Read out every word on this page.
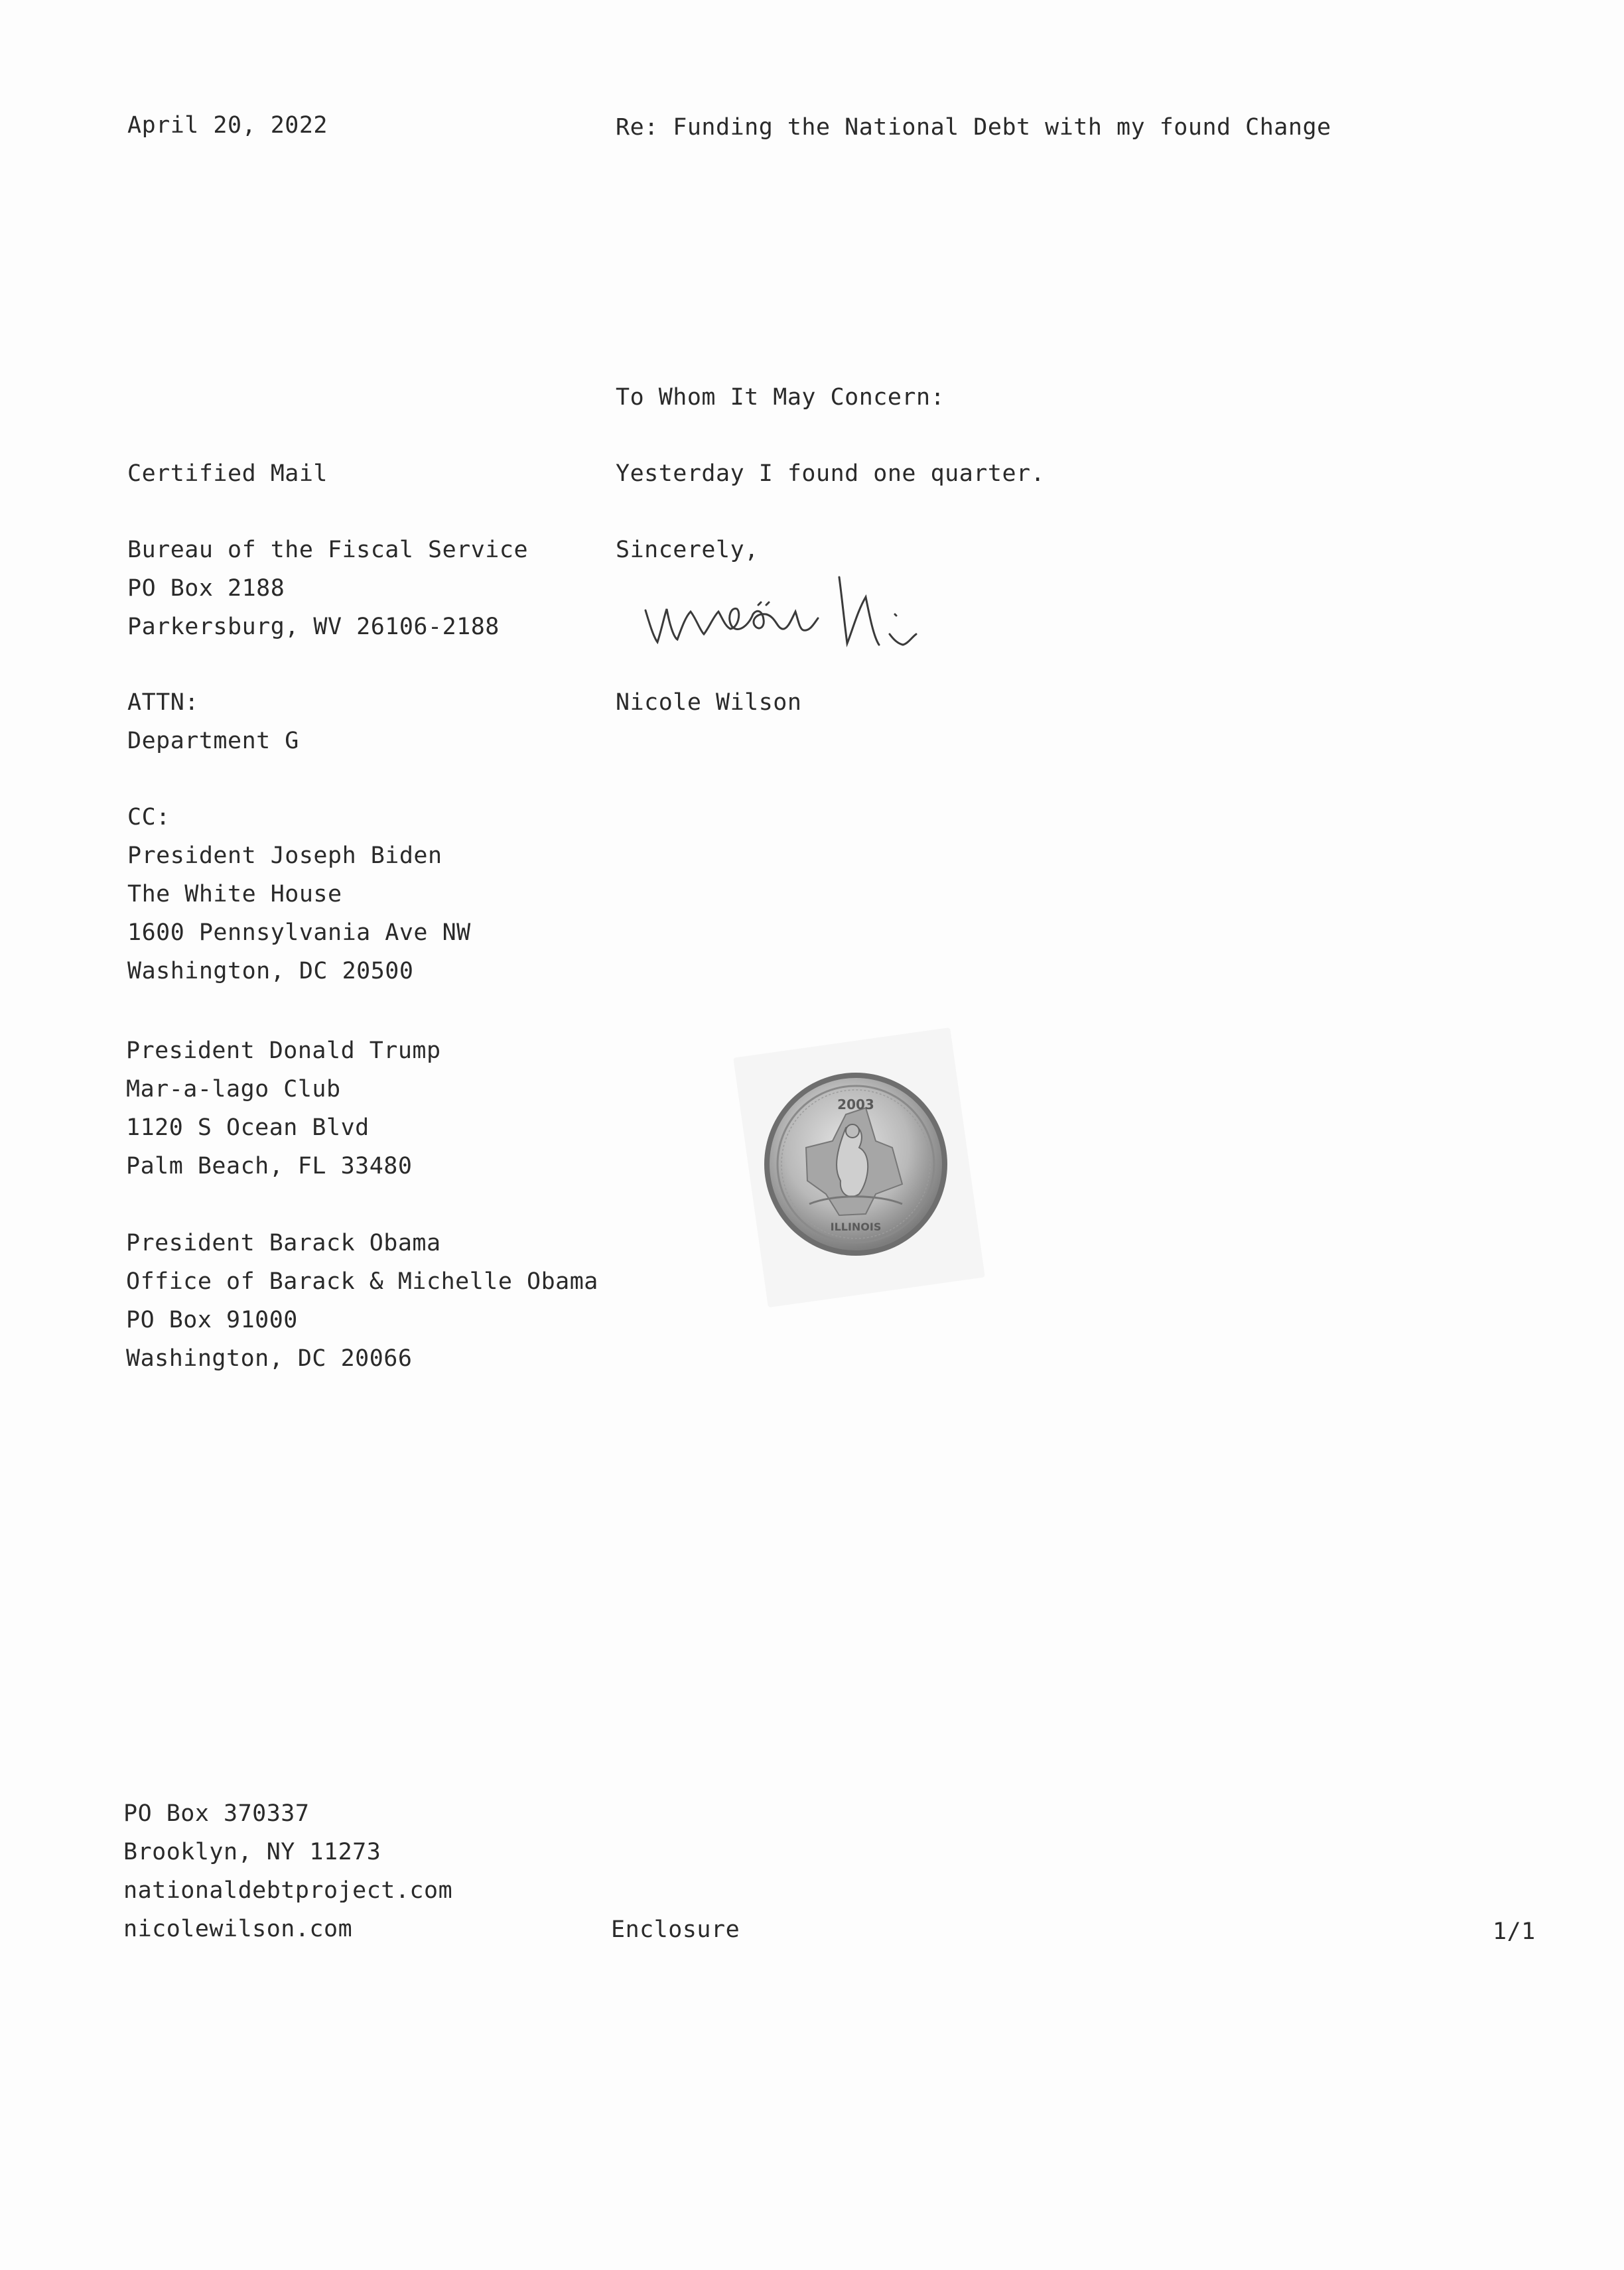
April 20, 2022	Re: Funding the National Debt with my found Change
To Whom It May Concern:
Certified Mail	Yesterday I found one quarter.
Bureau of the Fiscal Service
PO Box 2188
Parkersburg, WV 26106-2188
Sincerely,
Nicole Wilson
ATTN:
Department G
CC:
President Joseph Biden
The White House
1600 Pennsylvania Ave NW
Washington, DC 20500
President Donald Trump
Mar-a-lago Club
1120 S Ocean Blvd
Palm Beach, FL 33480
President Barack Obama
Office of Barack & Michelle Obama
PO Box 91000
Washington, DC 20066
2003
ILLINOIS
PO Box 370337
Brooklyn, NY 11273
nationaldebtproject.com
nicolewilson.com	Enclosure	1/1
